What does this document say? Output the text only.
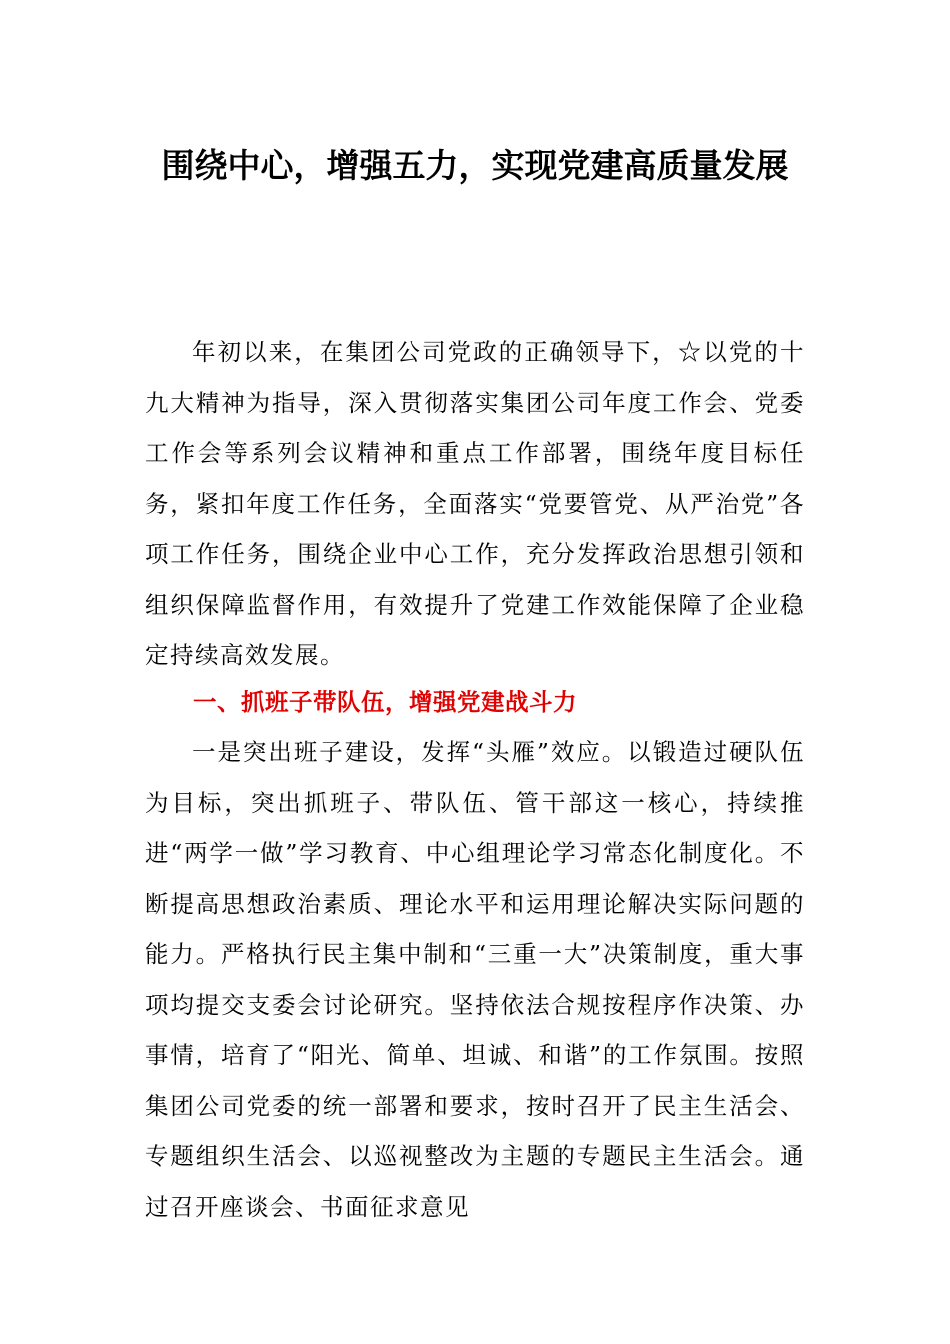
围绕中心，增强五力，实现党建高质量发展

年初以来，在集团公司党政的正确领导下，☆以党的十九大精神为指导，深入贯彻落实集团公司年度工作会、党委工作会等系列会议精神和重点工作部署，围绕年度目标任务，紧扣年度工作任务，全面落实“党要管党、从严治党”各项工作任务，围绕企业中心工作，充分发挥政治思想引领和组织保障监督作用，有效提升了党建工作效能保障了企业稳定持续高效发展。

一、抓班子带队伍，增强党建战斗力

一是突出班子建设，发挥“头雁”效应。以锻造过硬队伍为目标，突出抓班子、带队伍、管干部这一核心，持续推进“两学一做”学习教育、中心组理论学习常态化制度化。不断提高思想政治素质、理论水平和运用理论解决实际问题的能力。严格执行民主集中制和“三重一大”决策制度，重大事项均提交支委会讨论研究。坚持依法合规按程序作决策、办事情，培育了“阳光、简单、坦诚、和谐”的工作氛围。按照集团公司党委的统一部署和要求，按时召开了民主生活会、专题组织生活会、以巡视整改为主题的专题民主生活会。通过召开座谈会、书面征求意见
